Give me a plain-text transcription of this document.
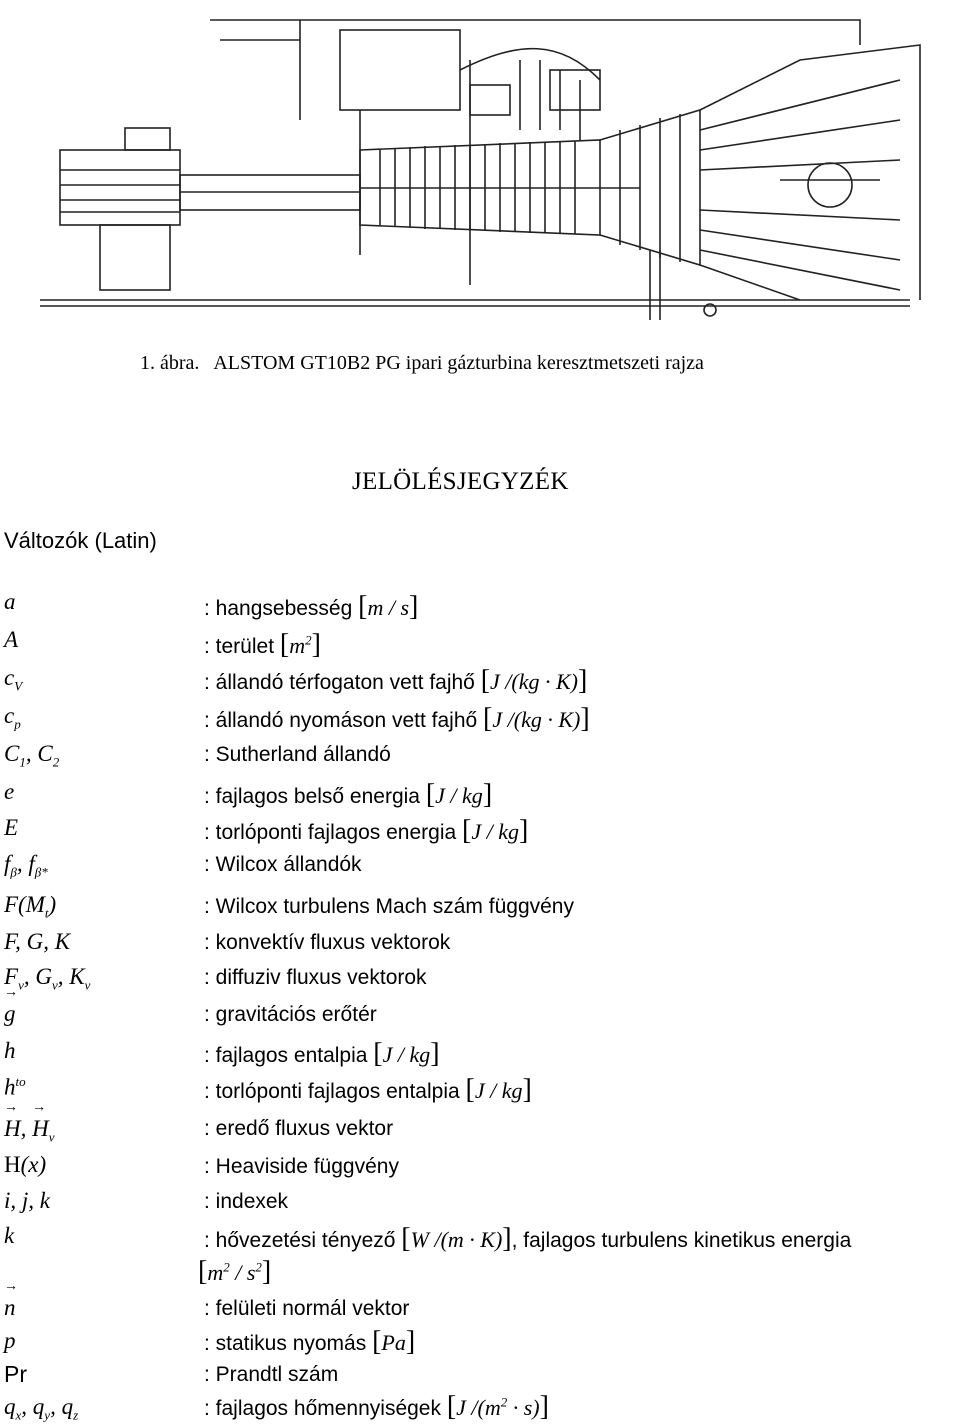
1. ábra. ALSTOM GT10B2 PG ipari gázturbina keresztmetszeti rajza
JELÖLÉSJEGYZÉK
Változók (Latin)
a	: hangsebesség [m / s]
A	: terület $[m^2]$
$c_V$	: állandó térfogaton vett fajhő [J /(kg · K)]
$c_p$	: állandó nyomáson vett fajhő [J /(kg · K)]
$C_1$, $C_2$	: Sutherland állandó
e	: fajlagos belső energia [J / kg]
E	: torlóponti fajlagos energia [J / kg]
$f_\beta$, $f_{\beta*}$	: Wilcox állandók
$F(M_t)$	: Wilcox turbulens Mach szám függvény
F, G, K	: konvektív fluxus vektorok
$F_v$, $G_v$, $K_v$	: diffuziv fluxus vektorok
→ g	: gravitációs erőtér
h	: fajlagos entalpia [J / kg]
$h^{to}$	: torlóponti fajlagos entalpia [J / kg]
→ H, → $H_v$	: eredő fluxus vektor
H(x)	: Heaviside függvény
i, j, k	: indexek
k	: hővezetési tényező [W /(m · K)], fajlagos turbulens kinetikus energia
$[m^2 / s^2]$
→ n	: felületi normál vektor
p	: statikus nyomás [Pa]
Pr	: Prandtl szám
$q_x$, $q_y$, $q_z$	: fajlagos hőmennyiségek [J $/(m^2 \cdot s)$]
